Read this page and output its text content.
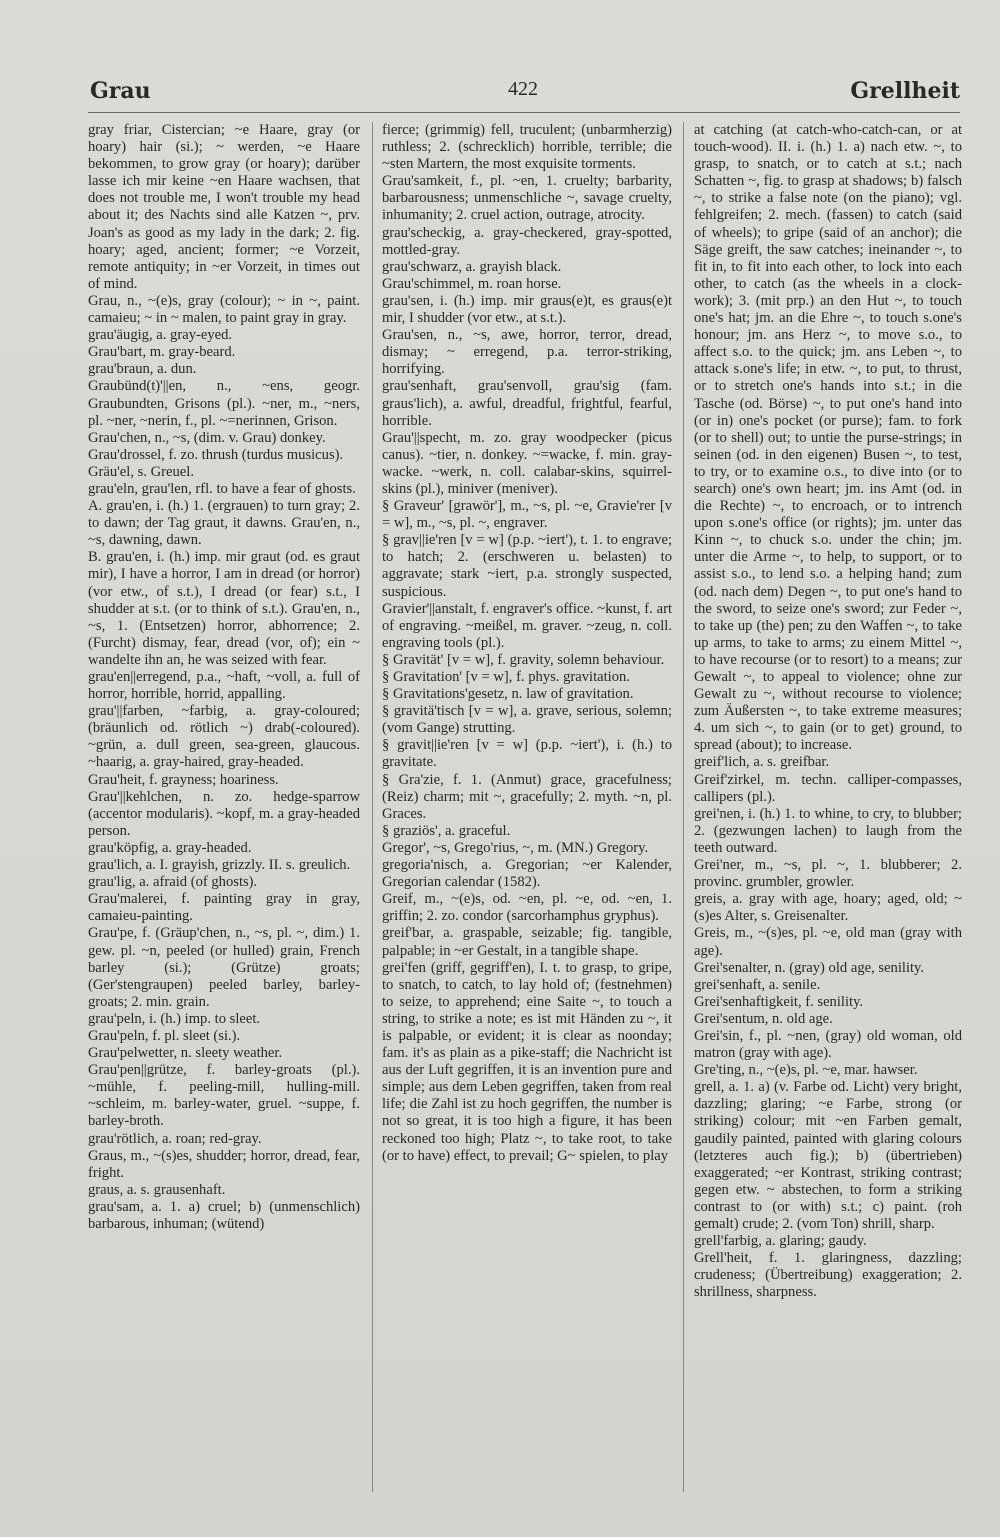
Grau	422	Grellheit
gray friar, Cistercian; ~e Haare, gray (or hoary) hair (si.); ~ werden, ~e Haare bekommen, to grow gray (or hoary); darüber lasse ich mir keine ~en Haare wachsen, that does not trouble me, I won't trouble my head about it; des Nachts sind alle Katzen ~, prv. Joan's as good as my lady in the dark; 2. fig. hoary; aged, ancient; former; ~e Vorzeit, remote antiquity; in ~er Vorzeit, in times out of mind.
Grau, n., ~(e)s, gray (colour); ~ in ~, paint. camaieu; ~ in ~ malen, to paint gray in gray.
grau'äugig, a. gray-eyed.
Grau'bart, m. gray-beard.
grau'braun, a. dun.
Graubünd(t)'||en, n., ~ens, geogr. Graubundten, Grisons (pl.). ~ner, m., ~ners, pl. ~ner, ~nerin, f., pl. ~=nerinnen, Grison.
Grau'chen, n., ~s, (dim. v. Grau) donkey.
Grau'drossel, f. zo. thrush (turdus musicus).
Gräu'el, s. Greuel.
grau'eln, grau'len, rfl. to have a fear of ghosts.
A. grau'en, i. (h.) 1. (ergrauen) to turn gray; 2. to dawn; der Tag graut, it dawns. Grau'en, n., ~s, dawning, dawn.
B. grau'en, i. (h.) imp. mir graut (od. es graut mir), I have a horror, I am in dread (or horror) (vor etw., of s.t.), I dread (or fear) s.t., I shudder at s.t. (or to think of s.t.). Grau'en, n., ~s, 1. (Entsetzen) horror, abhorrence; 2. (Furcht) dismay, fear, dread (vor, of); ein ~ wandelte ihn an, he was seized with fear.
grau'en||erregend, p.a., ~haft, ~voll, a. full of horror, horrible, horrid, appalling.
grau'||farben, ~farbig, a. gray-coloured; (bräunlich od. rötlich ~) drab(-coloured). ~grün, a. dull green, sea-green, glaucous. ~haarig, a. gray-haired, gray-headed.
Grau'heit, f. grayness; hoariness.
Grau'||kehlchen, n. zo. hedge-sparrow (accentor modularis). ~kopf, m. a gray-headed person.
grau'köpfig, a. gray-headed.
grau'lich, a. I. grayish, grizzly. II. s. greulich.
grau'lig, a. afraid (of ghosts).
Grau'malerei, f. painting gray in gray, camaieu-painting.
Grau'pe, f. (Gräup'chen, n., ~s, pl. ~, dim.) 1. gew. pl. ~n, peeled (or hulled) grain, French barley (si.); (Grütze) groats; (Ger'stengraupen) peeled barley, barley-groats; 2. min. grain.
grau'peln, i. (h.) imp. to sleet.
Grau'peln, f. pl. sleet (si.).
Grau'pelwetter, n. sleety weather.
Grau'pen||grütze, f. barley-groats (pl.). ~mühle, f. peeling-mill, hulling-mill. ~schleim, m. barley-water, gruel. ~suppe, f. barley-broth.
grau'rötlich, a. roan; red-gray.
Graus, m., ~(s)es, shudder; horror, dread, fear, fright.
graus, a. s. grausenhaft.
grau'sam, a. 1. a) cruel; b) (unmenschlich) barbarous, inhuman; (wütend)
fierce; (grimmig) fell, truculent; (unbarmherzig) ruthless; 2. (schrecklich) horrible, terrible; die ~sten Martern, the most exquisite torments.
Grau'samkeit, f., pl. ~en, 1. cruelty; barbarity, barbarousness; unmenschliche ~, savage cruelty, inhumanity; 2. cruel action, outrage, atrocity.
grau'scheckig, a. gray-checkered, gray-spotted, mottled-gray.
grau'schwarz, a. grayish black.
Grau'schimmel, m. roan horse.
grau'sen, i. (h.) imp. mir graus(e)t, es graus(e)t mir, I shudder (vor etw., at s.t.).
Grau'sen, n., ~s, awe, horror, terror, dread, dismay; ~ erregend, p.a. terror-striking, horrifying.
grau'senhaft, grau'senvoll, grau'sig (fam. graus'lich), a. awful, dreadful, frightful, fearful, horrible.
Grau'||specht, m. zo. gray woodpecker (picus canus). ~tier, n. donkey. ~=wacke, f. min. gray-wacke. ~werk, n. coll. calabar-skins, squirrel-skins (pl.), miniver (meniver).
§ Graveur' [grawör'], m., ~s, pl. ~e, Gravie'rer [v = w], m., ~s, pl. ~, engraver.
§ grav||ie'ren [v = w] (p.p. ~iert'), t. 1. to engrave; to hatch; 2. (erschweren u. belasten) to aggravate; stark ~iert, p.a. strongly suspected, suspicious.
Gravier'||anstalt, f. engraver's office. ~kunst, f. art of engraving. ~meißel, m. graver. ~zeug, n. coll. engraving tools (pl.).
§ Gravität' [v = w], f. gravity, solemn behaviour.
§ Gravitation' [v = w], f. phys. gravitation.
§ Gravitations'gesetz, n. law of gravitation.
§ gravitä'tisch [v = w], a. grave, serious, solemn; (vom Gange) strutting.
§ gravit||ie'ren [v = w] (p.p. ~iert'), i. (h.) to gravitate.
§ Gra'zie, f. 1. (Anmut) grace, gracefulness; (Reiz) charm; mit ~, gracefully; 2. myth. ~n, pl. Graces.
§ graziös', a. graceful.
Gregor', ~s, Grego'rius, ~, m. (MN.) Gregory.
gregoria'nisch, a. Gregorian; ~er Kalender, Gregorian calendar (1582).
Greif, m., ~(e)s, od. ~en, pl. ~e, od. ~en, 1. griffin; 2. zo. condor (sarcorhamphus gryphus).
greif'bar, a. graspable, seizable; fig. tangible, palpable; in ~er Gestalt, in a tangible shape.
grei'fen (griff, gegriff'en), I. t. to grasp, to gripe, to snatch, to catch, to lay hold of; (festnehmen) to seize, to apprehend; eine Saite ~, to touch a string, to strike a note; es ist mit Händen zu ~, it is palpable, or evident; it is clear as noonday; fam. it's as plain as a pike-staff; die Nachricht ist aus der Luft gegriffen, it is an invention pure and simple; aus dem Leben gegriffen, taken from real life; die Zahl ist zu hoch gegriffen, the number is not so great, it is too high a figure, it has been reckoned too high; Platz ~, to take root, to take (or to have) effect, to prevail; G~ spielen, to play
at catching (at catch-who-catch-can, or at touch-wood). II. i. (h.) 1. a) nach etw. ~, to grasp, to snatch, or to catch at s.t.; nach Schatten ~, fig. to grasp at shadows; b) falsch ~, to strike a false note (on the piano); vgl. fehlgreifen; 2. mech. (fassen) to catch (said of wheels); to gripe (said of an anchor); die Säge greift, the saw catches; ineinander ~, to fit in, to fit into each other, to lock into each other, to catch (as the wheels in a clock-work); 3. (mit prp.) an den Hut ~, to touch one's hat; jm. an die Ehre ~, to touch s.one's honour; jm. ans Herz ~, to move s.o., to affect s.o. to the quick; jm. ans Leben ~, to attack s.one's life; in etw. ~, to put, to thrust, or to stretch one's hands into s.t.; in die Tasche (od. Börse) ~, to put one's hand into (or in) one's pocket (or purse); fam. to fork (or to shell) out; to untie the purse-strings; in seinen (od. in den eigenen) Busen ~, to test, to try, or to examine o.s., to dive into (or to search) one's own heart; jm. ins Amt (od. in die Rechte) ~, to encroach, or to intrench upon s.one's office (or rights); jm. unter das Kinn ~, to chuck s.o. under the chin; jm. unter die Arme ~, to help, to support, or to assist s.o., to lend s.o. a helping hand; zum (od. nach dem) Degen ~, to put one's hand to the sword, to seize one's sword; zur Feder ~, to take up (the) pen; zu den Waffen ~, to take up arms, to take to arms; zu einem Mittel ~, to have recourse (or to resort) to a means; zur Gewalt ~, to appeal to violence; ohne zur Gewalt zu ~, without recourse to violence; zum Äußersten ~, to take extreme measures; 4. um sich ~, to gain (or to get) ground, to spread (about); to increase.
greif'lich, a. s. greifbar.
Greif'zirkel, m. techn. calliper-compasses, callipers (pl.).
grei'nen, i. (h.) 1. to whine, to cry, to blubber; 2. (gezwungen lachen) to laugh from the teeth outward.
Grei'ner, m., ~s, pl. ~, 1. blubberer; 2. provinc. grumbler, growler.
greis, a. gray with age, hoary; aged, old; ~(s)es Alter, s. Greisenalter.
Greis, m., ~(s)es, pl. ~e, old man (gray with age).
Grei'senalter, n. (gray) old age, senility.
grei'senhaft, a. senile.
Grei'senhaftigkeit, f. senility.
Grei'sentum, n. old age.
Grei'sin, f., pl. ~nen, (gray) old woman, old matron (gray with age).
Gre'ting, n., ~(e)s, pl. ~e, mar. hawser.
grell, a. 1. a) (v. Farbe od. Licht) very bright, dazzling; glaring; ~e Farbe, strong (or striking) colour; mit ~en Farben gemalt, gaudily painted, painted with glaring colours (letzteres auch fig.); b) (übertrieben) exaggerated; ~er Kontrast, striking contrast; gegen etw. ~ abstechen, to form a striking contrast to (or with) s.t.; c) paint. (roh gemalt) crude; 2. (vom Ton) shrill, sharp.
grell'farbig, a. glaring; gaudy.
Grell'heit, f. 1. glaringness, dazzling; crudeness; (Übertreibung) exaggeration; 2. shrillness, sharpness.
